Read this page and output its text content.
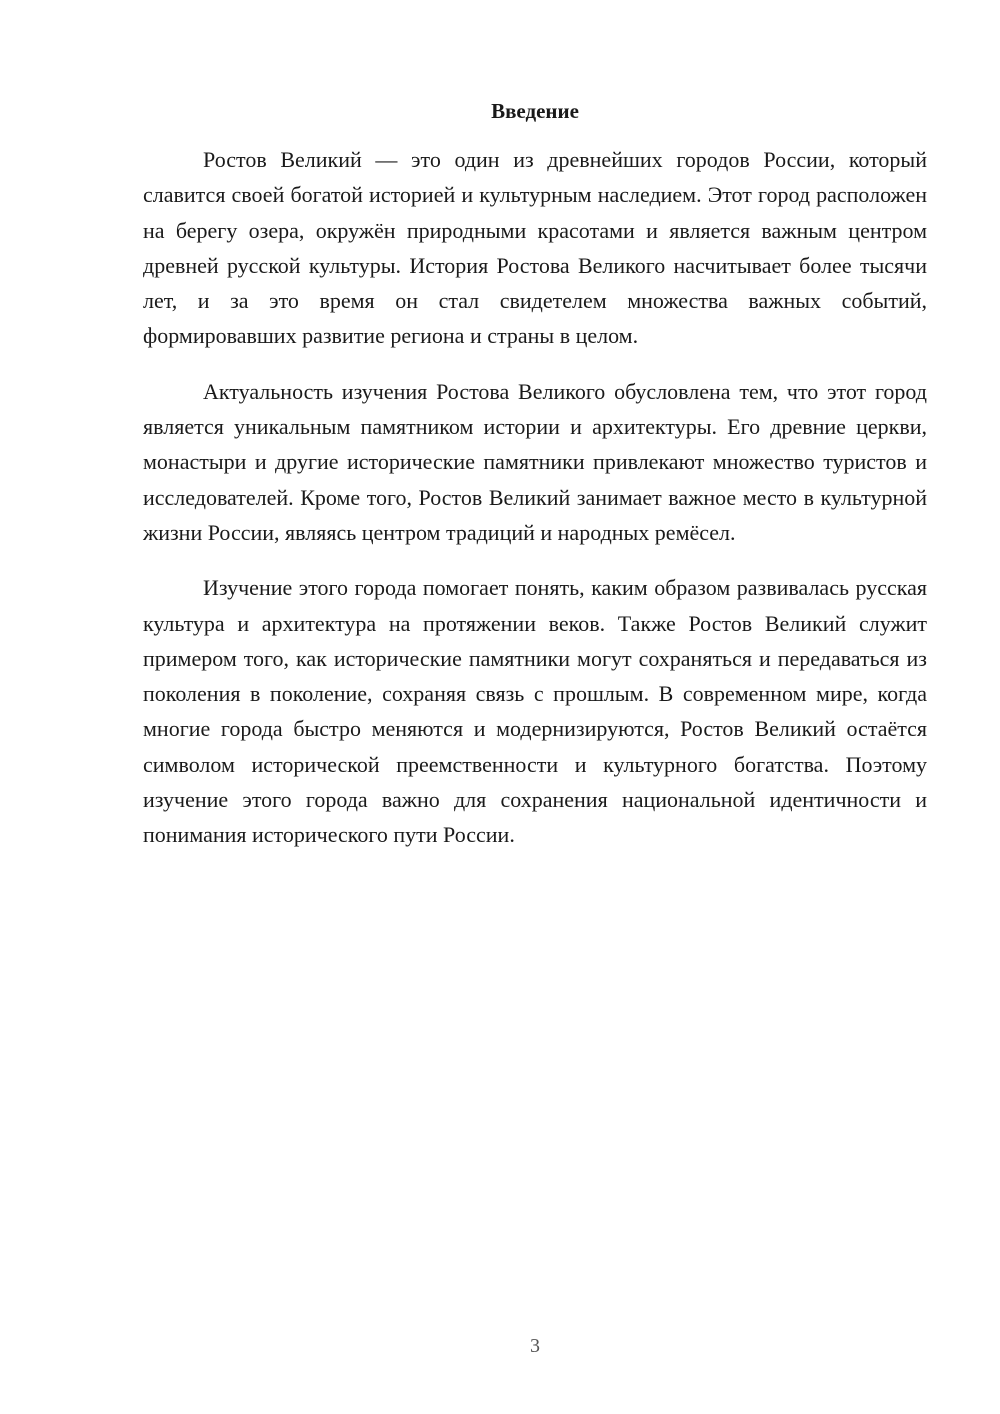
Введение

Ростов Великий — это один из древнейших городов России, который славится своей богатой историей и культурным наследием. Этот город расположен на берегу озера, окружён природными красотами и является важным центром древней русской культуры. История Ростова Великого насчитывает более тысячи лет, и за это время он стал свидетелем множества важных событий, формировавших развитие региона и страны в целом.

Актуальность изучения Ростова Великого обусловлена тем, что этот город является уникальным памятником истории и архитектуры. Его древние церкви, монастыри и другие исторические памятники привлекают множество туристов и исследователей. Кроме того, Ростов Великий занимает важное место в культурной жизни России, являясь центром традиций и народных ремёсел.

Изучение этого города помогает понять, каким образом развивалась русская культура и архитектура на протяжении веков. Также Ростов Великий служит примером того, как исторические памятники могут сохраняться и передаваться из поколения в поколение, сохраняя связь с прошлым. В современном мире, когда многие города быстро меняются и модернизируются, Ростов Великий остаётся символом исторической преемственности и культурного богатства. Поэтому изучение этого города важно для сохранения национальной идентичности и понимания исторического пути России.

3
